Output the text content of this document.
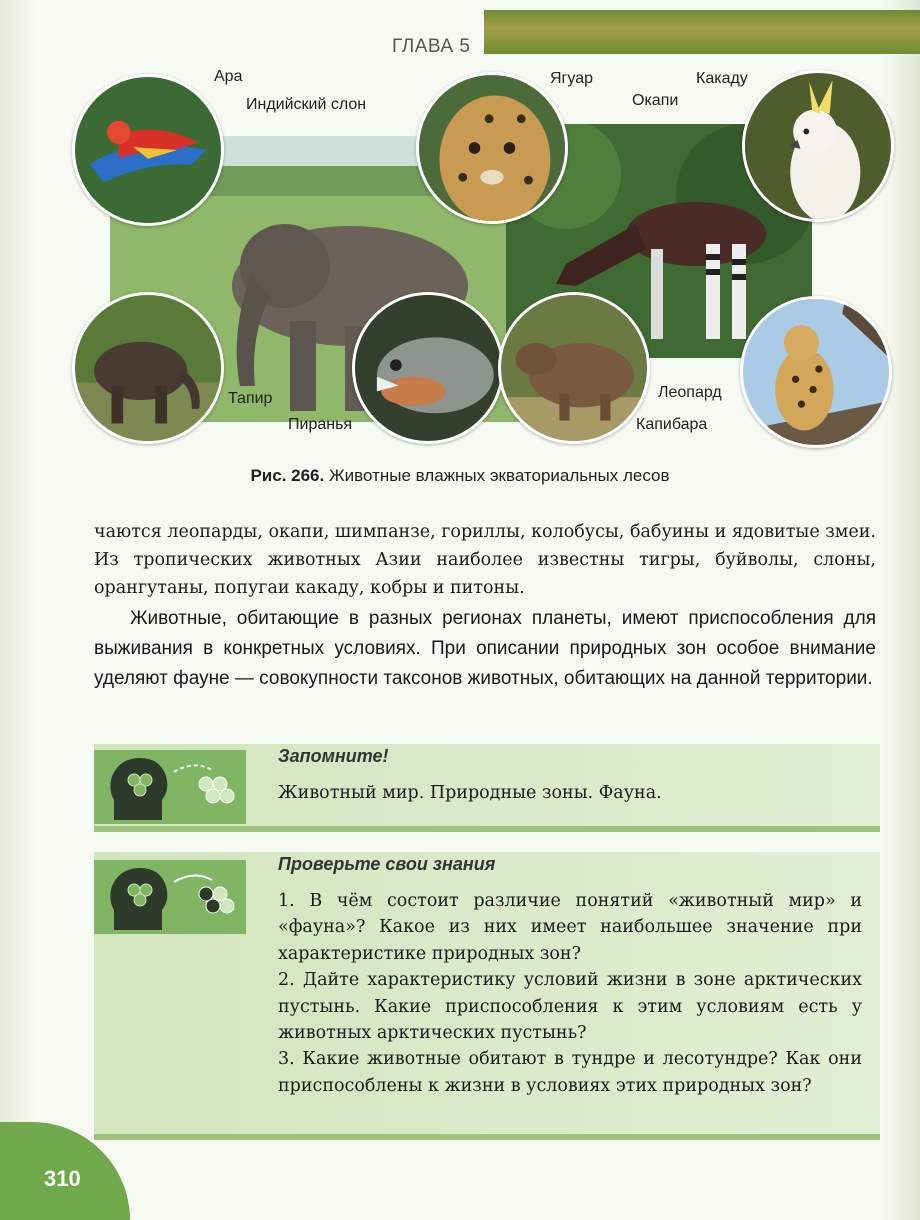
ГЛАВА 5
Ара
Индийский слон
Ягуар
Окапи
Какаду
Тапир
Пиранья
Леопард
Капибара
Рис. 266. Животные влажных экваториальных лесов
чаются леопарды, окапи, шимпанзе, гориллы, колобусы, бабуины и ядовитые змеи. Из тропических животных Азии наиболее известны тигры, буйволы, слоны, орангутаны, попугаи какаду, кобры и питоны.
Животные, обитающие в разных регионах планеты, имеют приспособления для выживания в конкретных условиях. При описании природных зон особое внимание уделяют фауне — совокупности таксонов животных, обитающих на данной территории.
Запомните!
Животный мир. Природные зоны. Фауна.
Проверьте свои знания
1. В чём состоит различие понятий «животный мир» и «фауна»? Какое из них имеет наибольшее значение при характеристике природных зон?
2. Дайте характеристику условий жизни в зоне арктических пустынь. Какие приспособления к этим условиям есть у животных арктических пустынь?
3. Какие животные обитают в тундре и лесотундре? Как они приспособлены к жизни в условиях этих природных зон?
310
